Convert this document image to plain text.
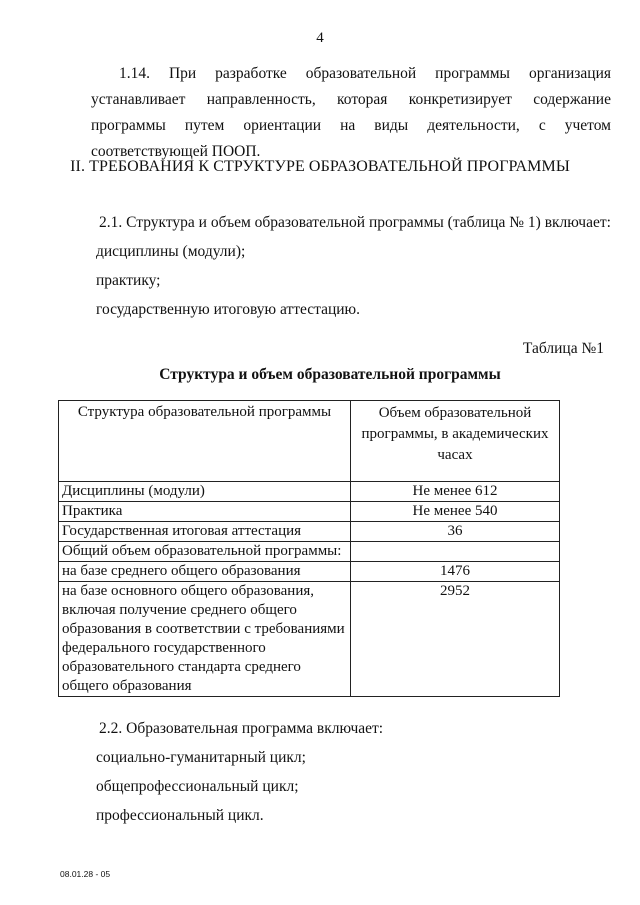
4
1.14. При разработке образовательной программы организация устанавливает направленность, которая конкретизирует содержание программы путем ориентации на виды деятельности, с учетом соответствующей ПООП.
II. ТРЕБОВАНИЯ К СТРУКТУРЕ ОБРАЗОВАТЕЛЬНОЙ ПРОГРАММЫ
2.1. Структура и объем образовательной программы (таблица № 1) включает:
дисциплины (модули);
практику;
государственную итоговую аттестацию.
Таблица №1
Структура и объем образовательной программы
Структура образовательной программы	Объем образовательной программы, в академических часах
Дисциплины (модули)	Не менее 612
Практика	Не менее 540
Государственная итоговая аттестация	36
Общий объем образовательной программы:	
на базе среднего общего образования	1476
на базе основного общего образования, включая получение среднего общего образования в соответствии с требованиями федерального государственного образовательного стандарта среднего общего образования	2952
2.2. Образовательная программа включает:
социально-гуманитарный цикл;
общепрофессиональный цикл;
профессиональный цикл.
08.01.28 - 05
